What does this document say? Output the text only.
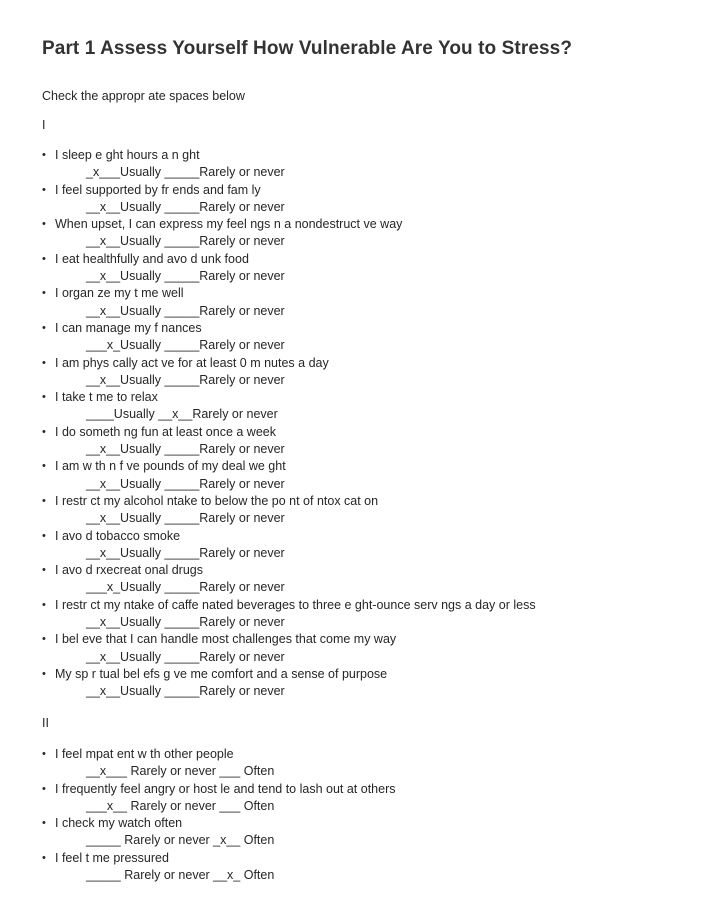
Part 1 Assess Yourself How Vulnerable Are You to Stress?
Check the appropr ate spaces below
I
• I sleep e ght hours a n ght
_x___Usually _____Rarely or never
• I feel supported by fr ends and fam ly
__x__Usually _____Rarely or never
• When upset, I can express my feel ngs n a nondestruct ve way
__x__Usually _____Rarely or never
• I eat healthfully and avo d unk food
__x__Usually _____Rarely or never
• I organ ze my t me well
__x__Usually _____Rarely or never
• I can manage my f nances
___x_Usually _____Rarely or never
• I am phys cally act ve for at least 0 m nutes a day
__x__Usually _____Rarely or never
• I take t me to relax
____Usually __x__Rarely or never
• I do someth ng fun at least once a week
__x__Usually _____Rarely or never
• I am w th n f ve pounds of my deal we ght
__x__Usually _____Rarely or never
• I restr ct my alcohol ntake to below the po nt of ntox cat on
__x__Usually _____Rarely or never
• I avo d tobacco smoke
__x__Usually _____Rarely or never
• I avo d rxecreat onal drugs
___x_Usually _____Rarely or never
• I restr ct my ntake of caffe nated beverages to three e ght-ounce serv ngs a day or less
__x__Usually _____Rarely or never
• I bel eve that I can handle most challenges that come my way
__x__Usually _____Rarely or never
• My sp r tual bel efs g ve me comfort and a sense of purpose
__x__Usually _____Rarely or never
II
• I feel mpat ent w th other people
__x___ Rarely or never ___ Often
• I frequently feel angry or host le and tend to lash out at others
___x__ Rarely or never ___ Often
• I check my watch often
_____ Rarely or never _x__ Often
• I feel t me pressured
_____ Rarely or never __x_ Often
